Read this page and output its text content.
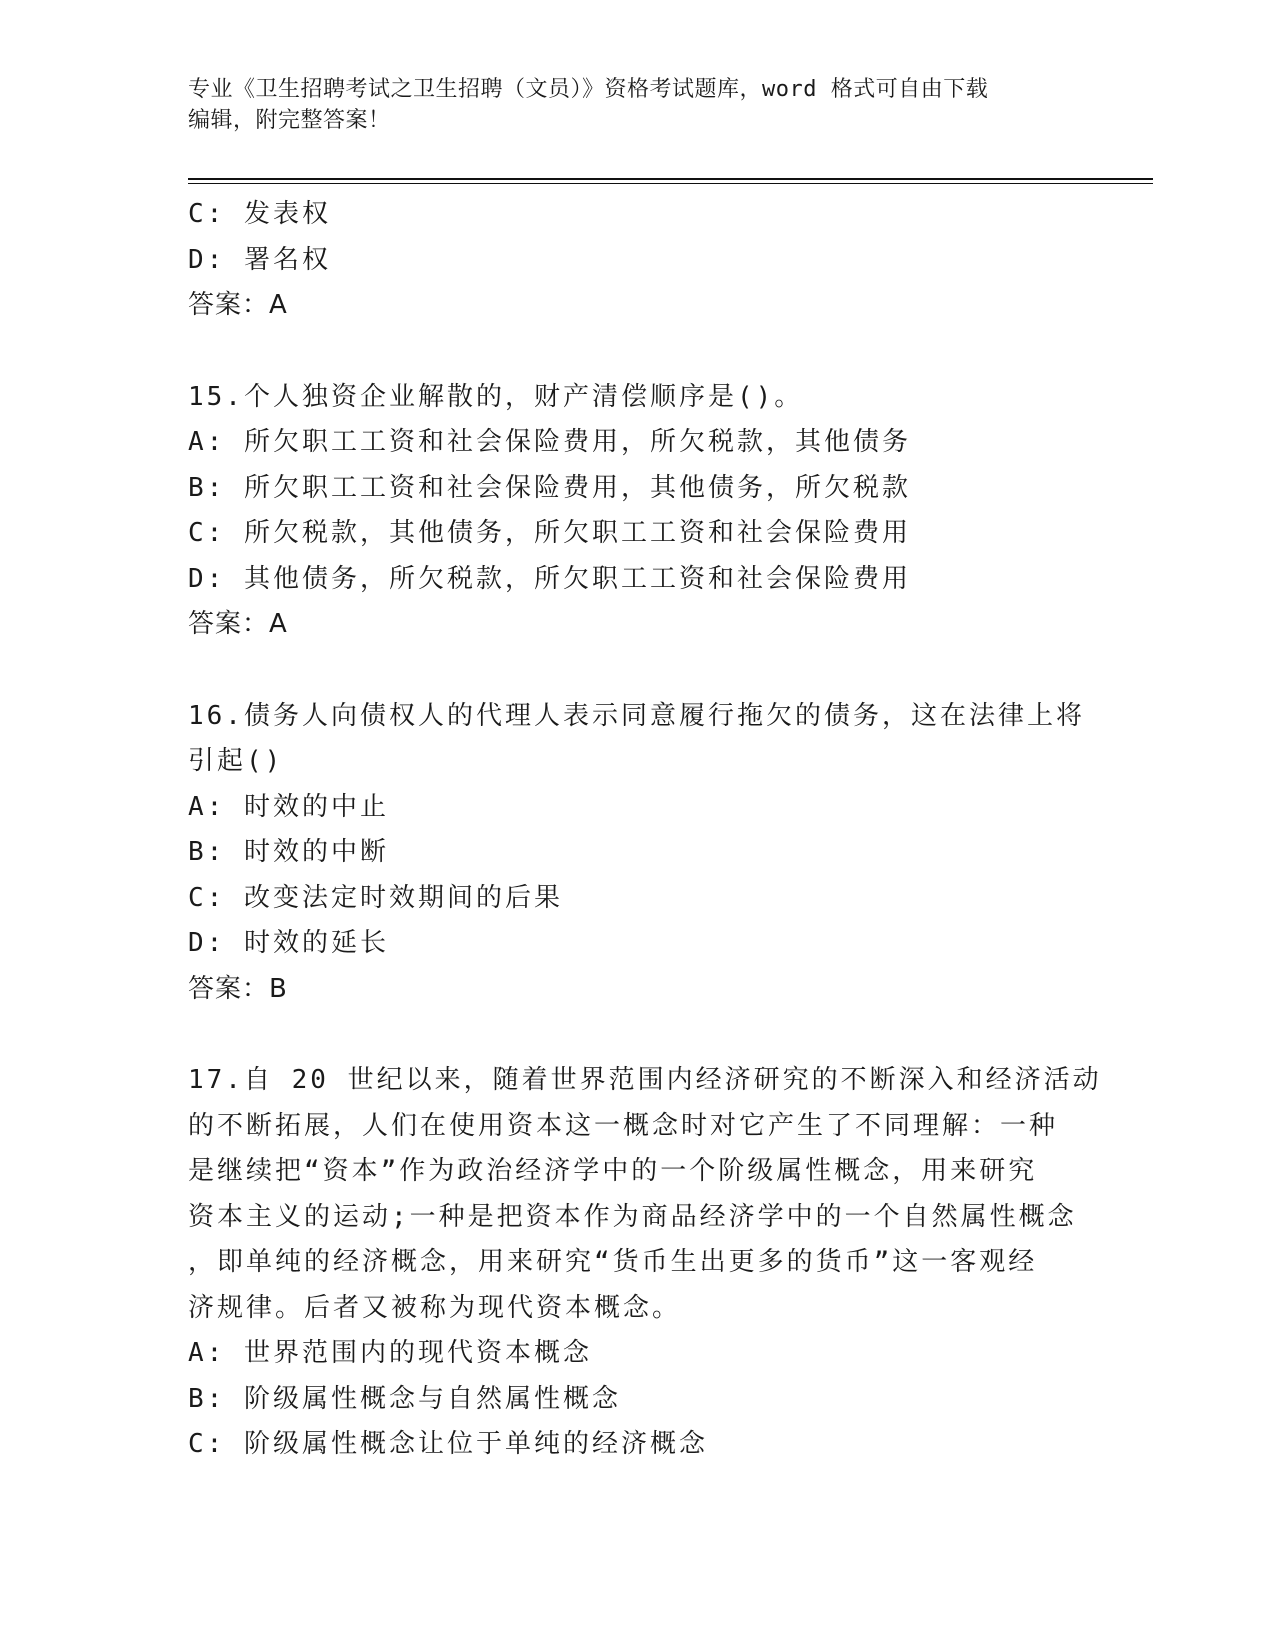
专业《卫生招聘考试之卫生招聘（文员）》资格考试题库，word 格式可自由下载
编辑，附完整答案！
C: 发表权
D: 署名权
答案：A
15.个人独资企业解散的，财产清偿顺序是()。
A: 所欠职工工资和社会保险费用，所欠税款，其他债务
B: 所欠职工工资和社会保险费用，其他债务，所欠税款
C: 所欠税款，其他债务，所欠职工工资和社会保险费用
D: 其他债务，所欠税款，所欠职工工资和社会保险费用
答案：A
16.债务人向债权人的代理人表示同意履行拖欠的债务，这在法律上将
引起()
A: 时效的中止
B: 时效的中断
C: 改变法定时效期间的后果
D: 时效的延长
答案：B
17.自 20 世纪以来，随着世界范围内经济研究的不断深入和经济活动
的不断拓展，人们在使用资本这一概念时对它产生了不同理解：一种
是继续把“资本”作为政治经济学中的一个阶级属性概念，用来研究
资本主义的运动;一种是把资本作为商品经济学中的一个自然属性概念
，即单纯的经济概念，用来研究“货币生出更多的货币”这一客观经
济规律。后者又被称为现代资本概念。
A: 世界范围内的现代资本概念
B: 阶级属性概念与自然属性概念
C: 阶级属性概念让位于单纯的经济概念
